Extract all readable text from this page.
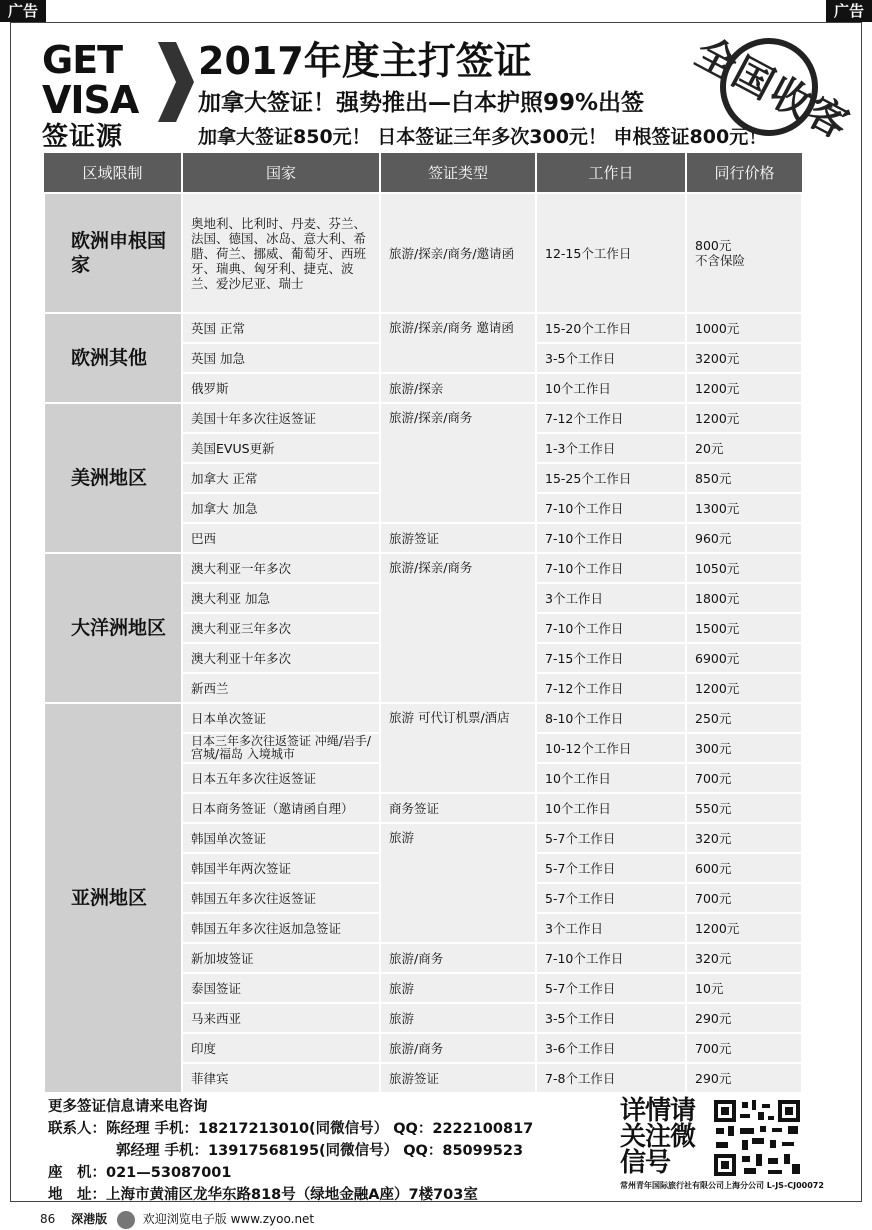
广告	广告
GET
VISA
签证源
2017年度主打签证
加拿大签证！强势推出—白本护照99%出签
加拿大签证850元！ 日本签证三年多次300元！ 申根签证800元！
全国收客
区域限制	国家	签证类型	工作日	同行价格
欧洲申根国家	奥地利、比利时、丹麦、芬兰、法国、德国、冰岛、意大利、希腊、荷兰、挪威、葡萄牙、西班牙、瑞典、匈牙利、捷克、波兰、爱沙尼亚、瑞士	旅游/探亲/商务/邀请函	12-15个工作日	800元
不含保险

欧洲其他	英国 正常	旅游/探亲/商务 邀请函	15-20个工作日	1000元
	英国 加急		3-5个工作日	3200元
	俄罗斯	旅游/探亲	10个工作日	1200元
美洲地区	美国十年多次往返签证	旅游/探亲/商务	7-12个工作日	1200元
	美国EVUS更新		1-3个工作日	20元
	加拿大 正常		15-25个工作日	850元
	加拿大 加急		7-10个工作日	1300元
	巴西	旅游签证	7-10个工作日	960元
大洋洲地区	澳大利亚一年多次	旅游/探亲/商务	7-10个工作日	1050元
	澳大利亚 加急		3个工作日	1800元
	澳大利亚三年多次		7-10个工作日	1500元
	澳大利亚十年多次		7-15个工作日	6900元
	新西兰		7-12个工作日	1200元
亚洲地区	日本单次签证	旅游 可代订机票/酒店	8-10个工作日	250元
	日本三年多次往返签证 冲绳/岩手/宫城/福岛 入境城市		10-12个工作日	300元
	日本五年多次往返签证		10个工作日	700元
	日本商务签证（邀请函自理）	商务签证	10个工作日	550元
	韩国单次签证	旅游	5-7个工作日	320元
	韩国半年两次签证		5-7个工作日	600元
	韩国五年多次往返签证		5-7个工作日	700元
	韩国五年多次往返加急签证		3个工作日	1200元
	新加坡签证	旅游/商务	7-10个工作日	320元
	泰国签证	旅游	5-7个工作日	10元
	马来西亚	旅游	3-5个工作日	290元
	印度	旅游/商务	3-6个工作日	700元
	菲律宾	旅游签证	7-8个工作日	290元
更多签证信息请来电咨询
联系人：陈经理 手机：18217213010(同微信号） QQ：2222100817
郭经理 手机：13917568195(同微信号） QQ：85099523
座　机：021—53087001
地　址：上海市黄浦区龙华东路818号（绿地金融A座）7楼703室
详情请关注微信号
常州青年国际旅行社有限公司上海分公司 L-JS-CJ00072
86 深港版	欢迎浏览电子版 www.zyoo.net
